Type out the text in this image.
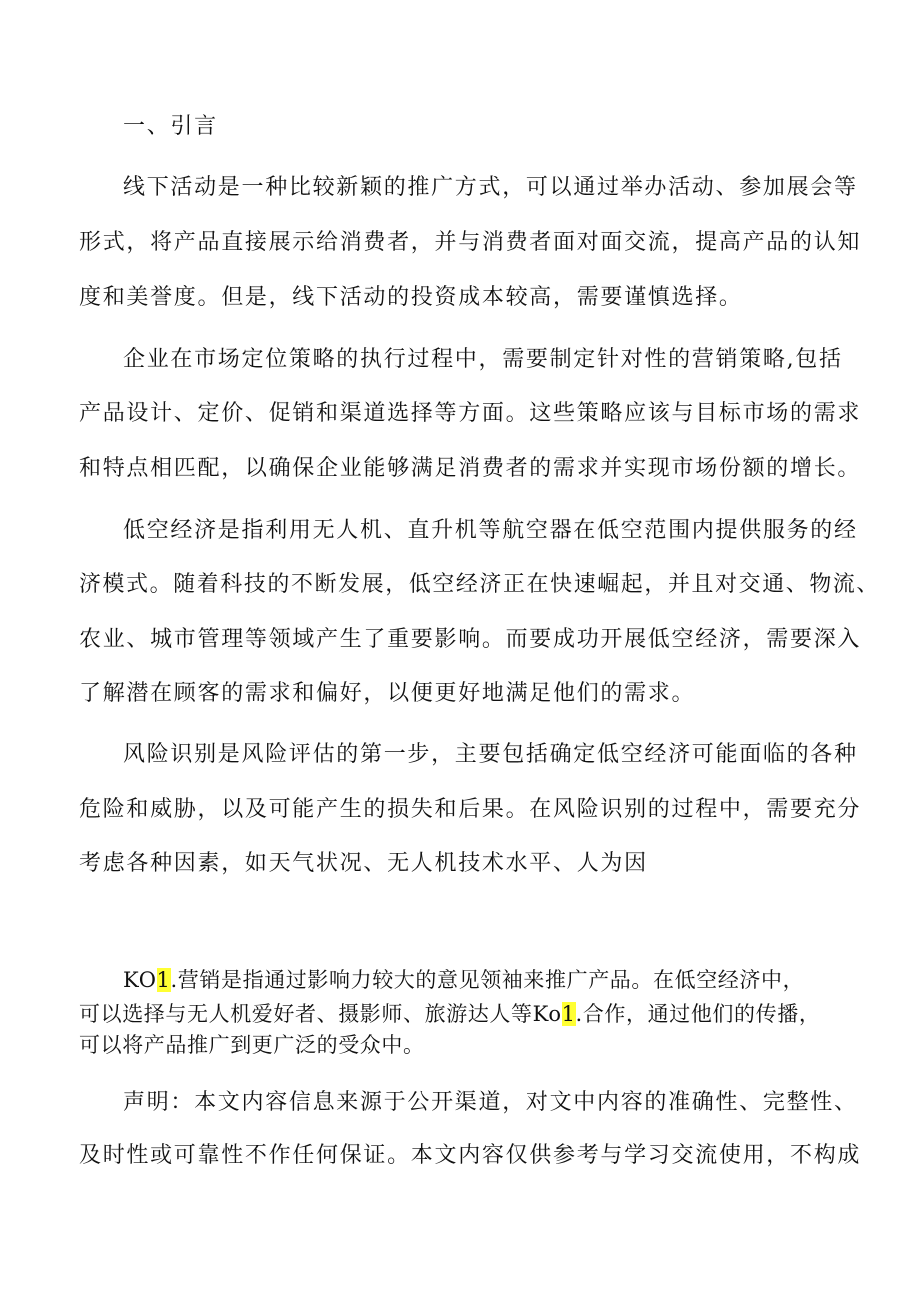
一、引言
线下活动是一种比较新颖的推广方式，可以通过举办活动、参加展会等
形式，将产品直接展示给消费者，并与消费者面对面交流，提高产品的认知
度和美誉度。但是，线下活动的投资成本较高，需要谨慎选择。
企业在市场定位策略的执行过程中，需要制定针对性的营销策略,包括
产品设计、定价、促销和渠道选择等方面。这些策略应该与目标市场的需求
和特点相匹配，以确保企业能够满足消费者的需求并实现市场份额的增长。
低空经济是指利用无人机、直升机等航空器在低空范围内提供服务的经
济模式。随着科技的不断发展，低空经济正在快速崛起，并且对交通、物流、
农业、城市管理等领域产生了重要影响。而要成功开展低空经济，需要深入
了解潜在顾客的需求和偏好，以便更好地满足他们的需求。
风险识别是风险评估的第一步，主要包括确定低空经济可能面临的各种
危险和威胁，以及可能产生的损失和后果。在风险识别的过程中，需要充分
考虑各种因素，如天气状况、无人机技术水平、人为因
KO1.营销是指通过影响力较大的意见领袖来推广产品。在低空经济中，
可以选择与无人机爱好者、摄影师、旅游达人等Ko1.合作，通过他们的传播，
可以将产品推广到更广泛的受众中。
声明：本文内容信息来源于公开渠道，对文中内容的准确性、完整性、
及时性或可靠性不作任何保证。本文内容仅供参考与学习交流使用，不构成
